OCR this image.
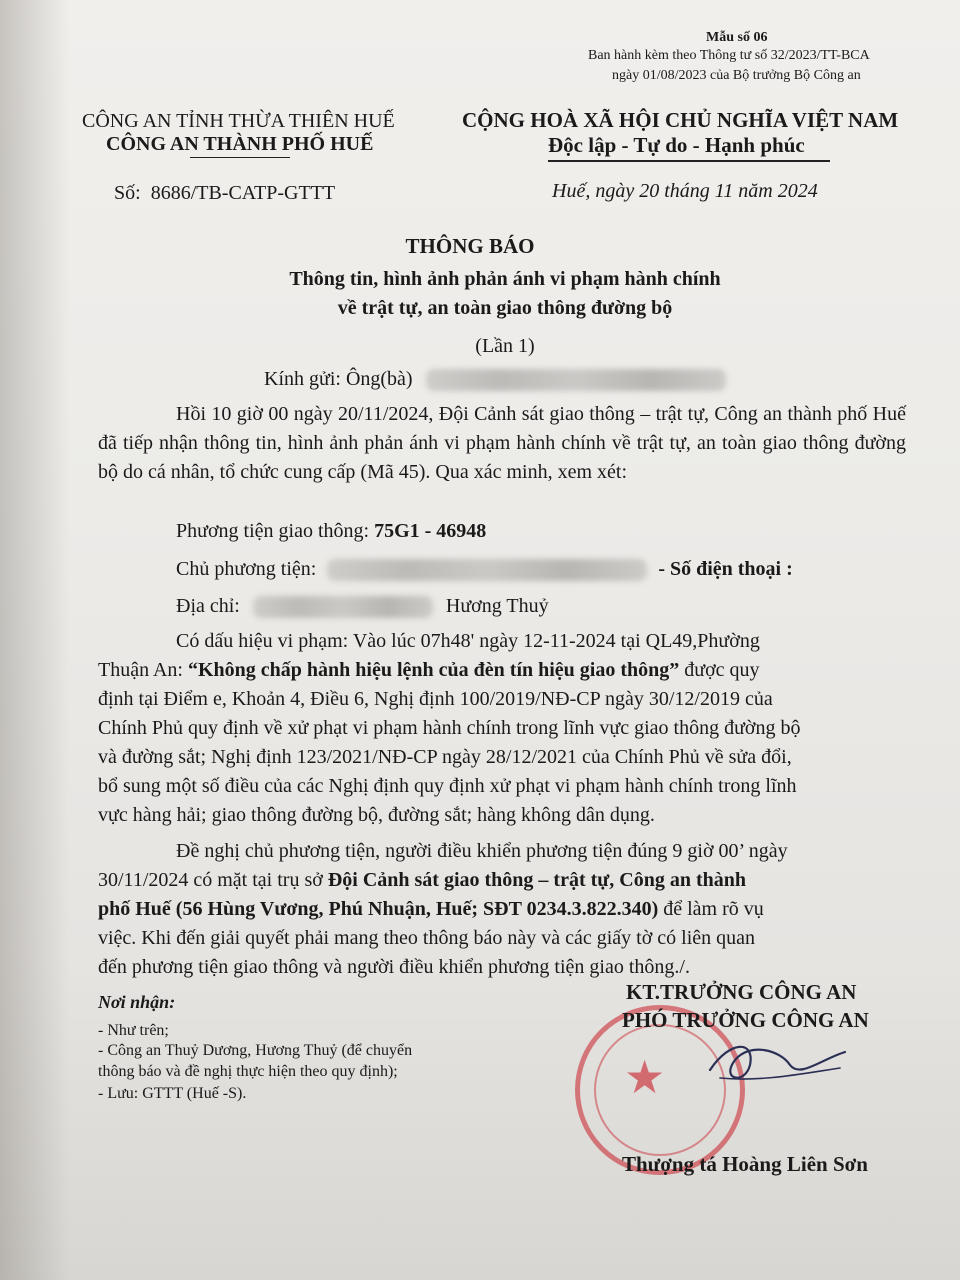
Mẫu số 06
Ban hành kèm theo Thông tư số 32/2023/TT-BCA
ngày 01/08/2023 của Bộ trưởng Bộ Công an
CÔNG AN TỈNH THỪA THIÊN HUẾ
CÔNG AN THÀNH PHỐ HUẾ
CỘNG HOÀ XÃ HỘI CHỦ NGHĨA VIỆT NAM
Độc lập - Tự do - Hạnh phúc
Số: 8686/TB-CATP-GTTT	Huế, ngày 20 tháng 11 năm 2024
THÔNG BÁO
Thông tin, hình ảnh phản ánh vi phạm hành chính
về trật tự, an toàn giao thông đường bộ
(Lần 1)
Kính gửi: Ông(bà)
Hồi 10 giờ 00 ngày 20/11/2024, Đội Cảnh sát giao thông – trật tự, Công an thành phố Huế đã tiếp nhận thông tin, hình ảnh phản ánh vi phạm hành chính về trật tự, an toàn giao thông đường bộ do cá nhân, tổ chức cung cấp (Mã 45). Qua xác minh, xem xét:
Phương tiện giao thông: 75G1 - 46948
Chủ phương tiện:	- Số điện thoại :
Địa chỉ:	Hương Thuỷ
Có dấu hiệu vi phạm: Vào lúc 07h48' ngày 12-11-2024 tại QL49,Phường
Thuận An: “Không chấp hành hiệu lệnh của đèn tín hiệu giao thông” được quy
định tại Điểm e, Khoản 4, Điều 6, Nghị định 100/2019/NĐ-CP ngày 30/12/2019 của
Chính Phủ quy định về xử phạt vi phạm hành chính trong lĩnh vực giao thông đường bộ
và đường sắt; Nghị định 123/2021/NĐ-CP ngày 28/12/2021 của Chính Phủ về sửa đổi,
bổ sung một số điều của các Nghị định quy định xử phạt vi phạm hành chính trong lĩnh
vực hàng hải; giao thông đường bộ, đường sắt; hàng không dân dụng.
Đề nghị chủ phương tiện, người điều khiển phương tiện đúng 9 giờ 00’ ngày
30/11/2024 có mặt tại trụ sở Đội Cảnh sát giao thông – trật tự, Công an thành
phố Huế (56 Hùng Vương, Phú Nhuận, Huế; SĐT 0234.3.822.340) để làm rõ vụ
việc. Khi đến giải quyết phải mang theo thông báo này và các giấy tờ có liên quan
đến phương tiện giao thông và người điều khiển phương tiện giao thông./.
Nơi nhận:
- Như trên;
- Công an Thuỷ Dương, Hương Thuỷ (để chuyển
thông báo và đề nghị thực hiện theo quy định);
- Lưu: GTTT (Huế -S).	★
KT.TRƯỞNG CÔNG AN
PHÓ TRƯỞNG CÔNG AN
Thượng tá Hoàng Liên Sơn
